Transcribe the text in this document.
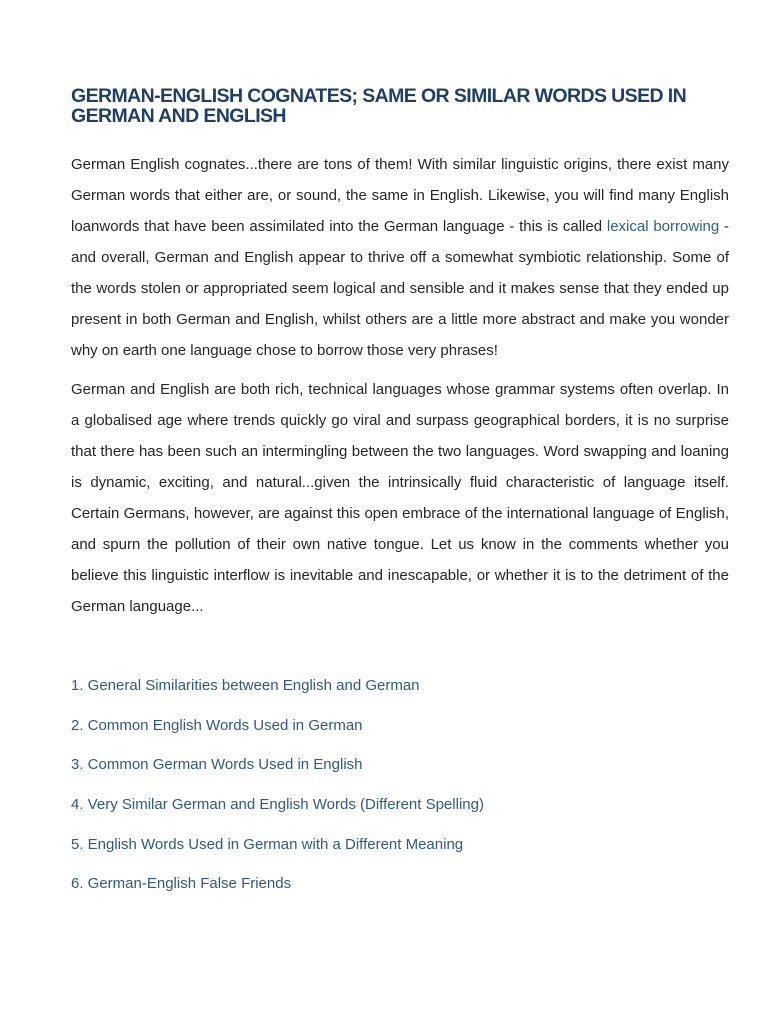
GERMAN-ENGLISH COGNATES; SAME OR SIMILAR WORDS USED IN GERMAN AND ENGLISH

German English cognates...there are tons of them! With similar linguistic origins, there exist many German words that either are, or sound, the same in English. Likewise, you will find many English loanwords that have been assimilated into the German language - this is called lexical borrowing - and overall, German and English appear to thrive off a somewhat symbiotic relationship. Some of the words stolen or appropriated seem logical and sensible and it makes sense that they ended up present in both German and English, whilst others are a little more abstract and make you wonder why on earth one language chose to borrow those very phrases!

German and English are both rich, technical languages whose grammar systems often overlap. In a globalised age where trends quickly go viral and surpass geographical borders, it is no surprise that there has been such an intermingling between the two languages. Word swapping and loaning is dynamic, exciting, and natural...given the intrinsically fluid characteristic of language itself. Certain Germans, however, are against this open embrace of the international language of English, and spurn the pollution of their own native tongue. Let us know in the comments whether you believe this linguistic interflow is inevitable and inescapable, or whether it is to the detriment of the German language...

1. General Similarities between English and German
2. Common English Words Used in German
3. Common German Words Used in English
4. Very Similar German and English Words (Different Spelling)
5. English Words Used in German with a Different Meaning
6. German-English False Friends
